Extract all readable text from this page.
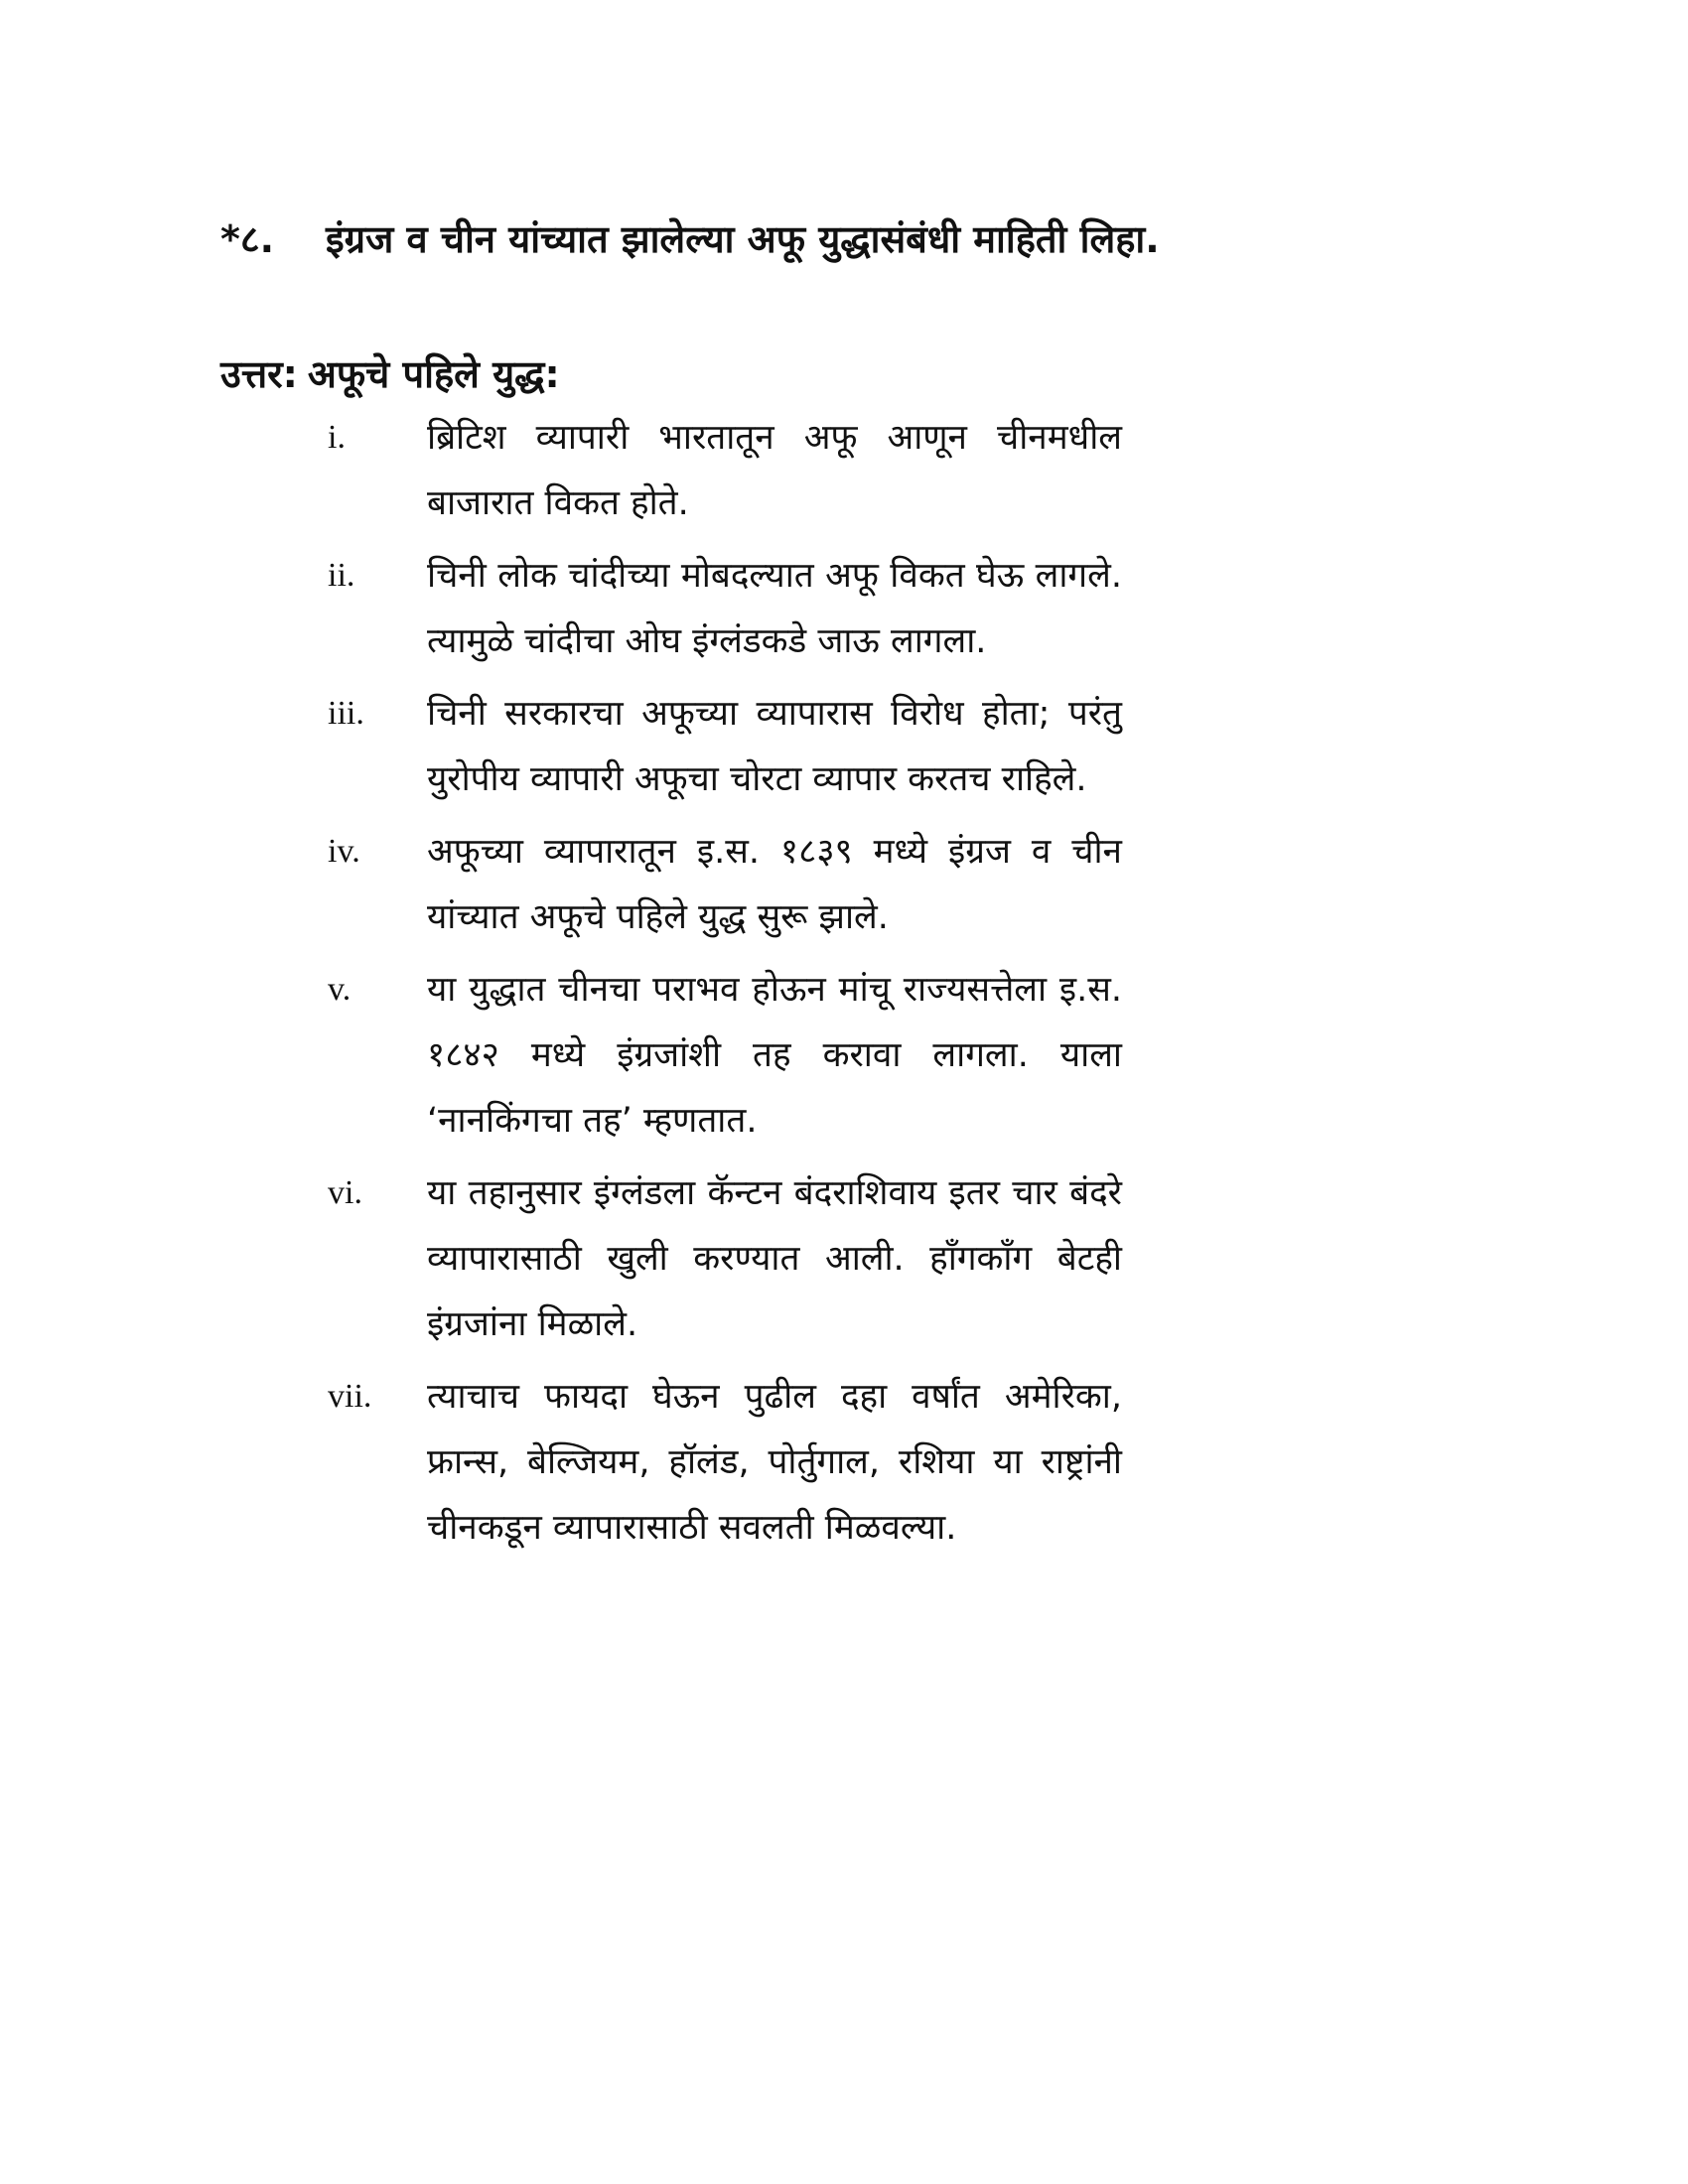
*८. इंग्रज व चीन यांच्यात झालेल्या अफू युद्धासंबंधी माहिती लिहा.
उत्तर: अफूचे पहिले युद्ध:
i. ब्रिटिश व्यापारी भारतातून अफू आणून चीनमधील बाजारात विकत होते.
ii. चिनी लोक चांदीच्या मोबदल्यात अफू विकत घेऊ लागले. त्यामुळे चांदीचा ओघ इंग्लंडकडे जाऊ लागला.
iii. चिनी सरकारचा अफूच्या व्यापारास विरोध होता; परंतु युरोपीय व्यापारी अफूचा चोरटा व्यापार करतच राहिले.
iv. अफूच्या व्यापारातून इ.स. १८३९ मध्ये इंग्रज व चीन यांच्यात अफूचे पहिले युद्ध सुरू झाले.
v. या युद्धात चीनचा पराभव होऊन मांचू राज्यसत्तेला इ.स. १८४२ मध्ये इंग्रजांशी तह करावा लागला. याला ‘नानकिंगचा तह’ म्हणतात.
vi. या तहानुसार इंग्लंडला कॅन्टन बंदराशिवाय इतर चार बंदरे व्यापारासाठी खुली करण्यात आली. हाँगकाँग बेटही इंग्रजांना मिळाले.
vii. त्याचाच फायदा घेऊन पुढील दहा वर्षांत अमेरिका, फ्रान्स, बेल्जियम, हॉलंड, पोर्तुगाल, रशिया या राष्ट्रांनी चीनकडून व्यापारासाठी सवलती मिळवल्या.
